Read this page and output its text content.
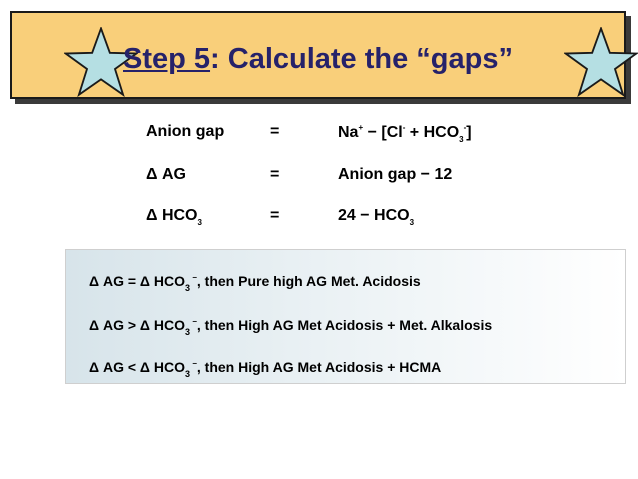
Step 5: Calculate the “gaps”
Anion gap	=	$Na^+ - [Cl^- + HCO_3^-]$
Δ AG	=	Anion gap − 12
Δ $HCO_3$	=	$24 - HCO_3$
Δ AG = Δ $HCO_3$ −, then Pure high AG Met. Acidosis
Δ AG > Δ $HCO_3$ −, then High AG Met Acidosis + Met. Alkalosis
Δ AG < Δ $HCO_3$ −, then High AG Met Acidosis + HCMA
